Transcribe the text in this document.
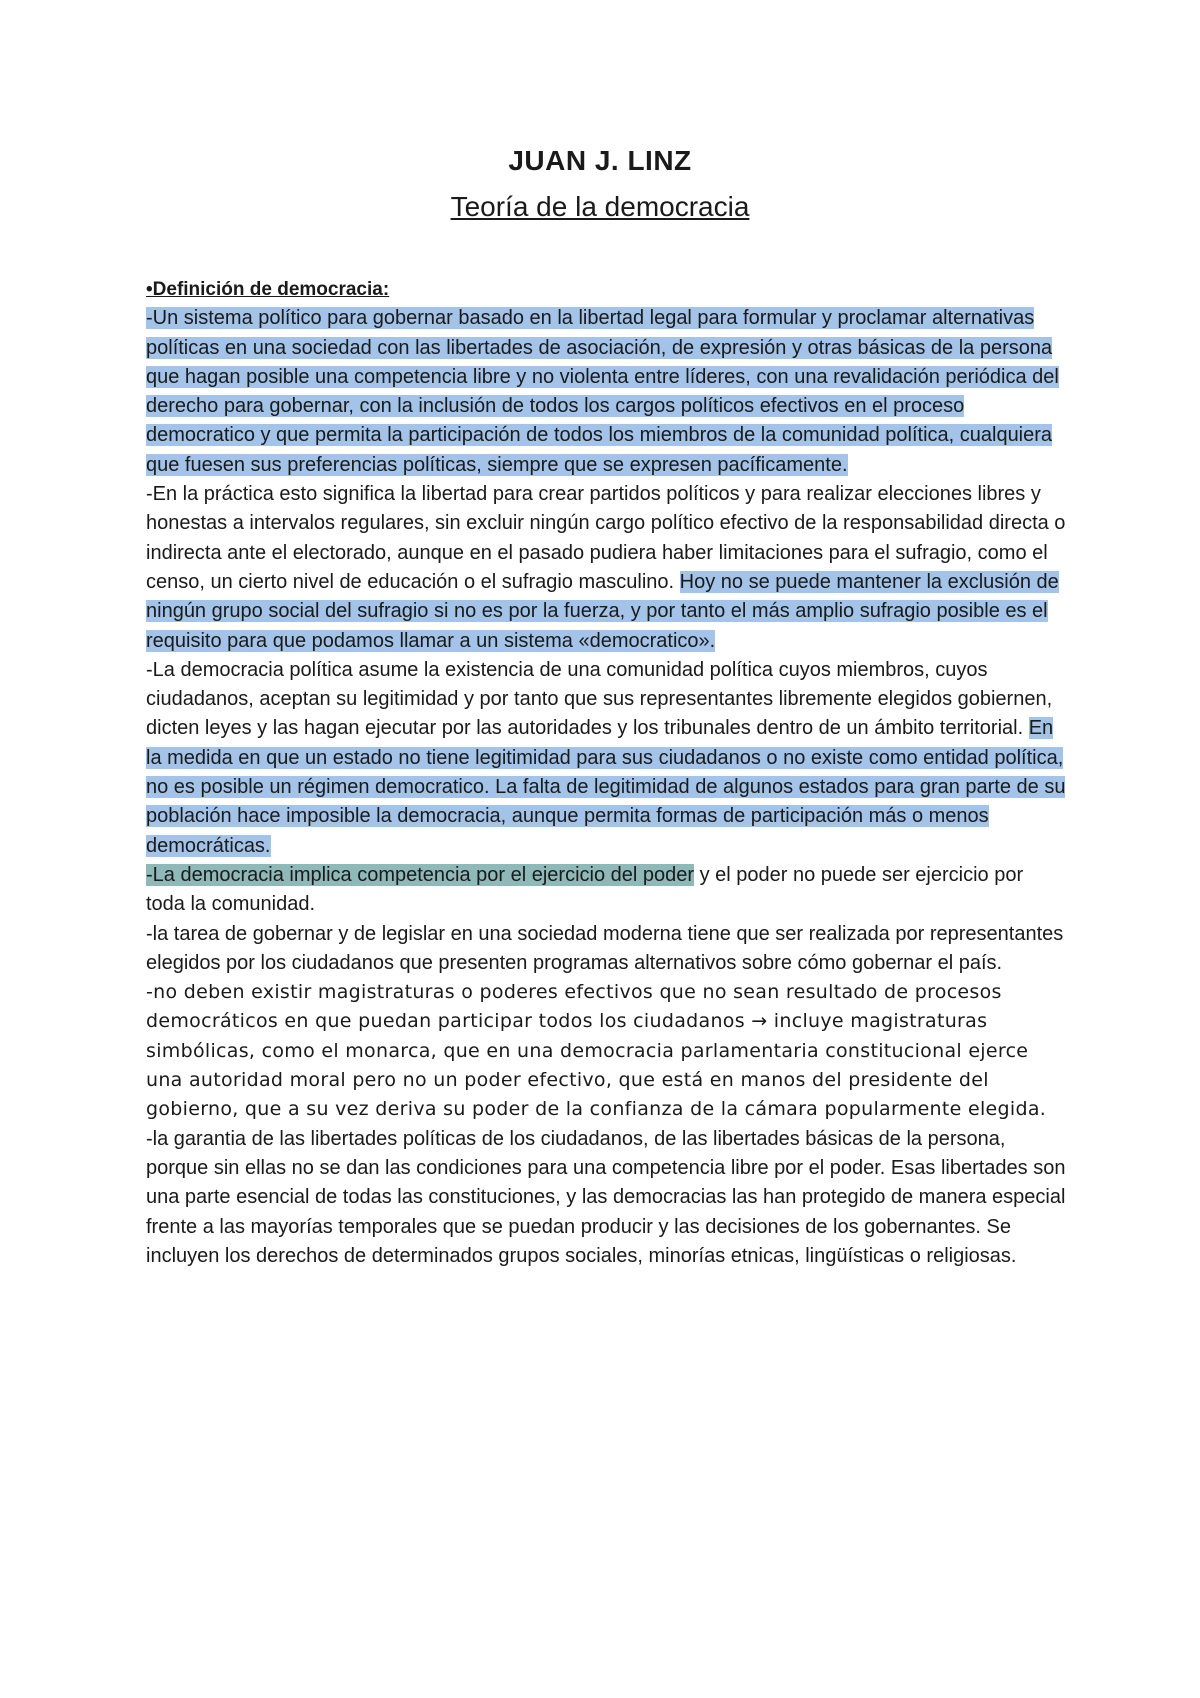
JUAN J. LINZ
Teoría de la democracia

•Definición de democracia:

-Un sistema político para gobernar basado en la libertad legal para formular y proclamar alternativas políticas en una sociedad con las libertades de asociación, de expresión y otras básicas de la persona que hagan posible una competencia libre y no violenta entre líderes, con una revalidación periódica del derecho para gobernar, con la inclusión de todos los cargos políticos efectivos en el proceso democratico y que permita la participación de todos los miembros de la comunidad política, cualquiera que fuesen sus preferencias políticas, siempre que se expresen pacíficamente.

-En la práctica esto significa la libertad para crear partidos políticos y para realizar elecciones libres y honestas a intervalos regulares, sin excluir ningún cargo político efectivo de la responsabilidad directa o indirecta ante el electorado, aunque en el pasado pudiera haber limitaciones para el sufragio, como el censo, un cierto nivel de educación o el sufragio masculino. Hoy no se puede mantener la exclusión de ningún grupo social del sufragio si no es por la fuerza, y por tanto el más amplio sufragio posible es el requisito para que podamos llamar a un sistema «democratico».

-La democracia política asume la existencia de una comunidad política cuyos miembros, cuyos ciudadanos, aceptan su legitimidad y por tanto que sus representantes libremente elegidos gobiernen, dicten leyes y las hagan ejecutar por las autoridades y los tribunales dentro de un ámbito territorial. En la medida en que un estado no tiene legitimidad para sus ciudadanos o no existe como entidad política, no es posible un régimen democratico. La falta de legitimidad de algunos estados para gran parte de su población hace imposible la democracia, aunque permita formas de participación más o menos democráticas.

-La democracia implica competencia por el ejercicio del poder y el poder no puede ser ejercicio por toda la comunidad.

-la tarea de gobernar y de legislar en una sociedad moderna tiene que ser realizada por representantes elegidos por los ciudadanos que presenten programas alternativos sobre cómo gobernar el país.

-no deben existir magistraturas o poderes efectivos que no sean resultado de procesos democráticos en que puedan participar todos los ciudadanos → incluye magistraturas simbólicas, como el monarca, que en una democracia parlamentaria constitucional ejerce una autoridad moral pero no un poder efectivo, que está en manos del presidente del gobierno, que a su vez deriva su poder de la confianza de la cámara popularmente elegida.

-la garantia de las libertades políticas de los ciudadanos, de las libertades básicas de la persona, porque sin ellas no se dan las condiciones para una competencia libre por el poder. Esas libertades son una parte esencial de todas las constituciones, y las democracias las han protegido de manera especial frente a las mayorías temporales que se puedan producir y las decisiones de los gobernantes. Se incluyen los derechos de determinados grupos sociales, minorías etnicas, lingüísticas o religiosas.
